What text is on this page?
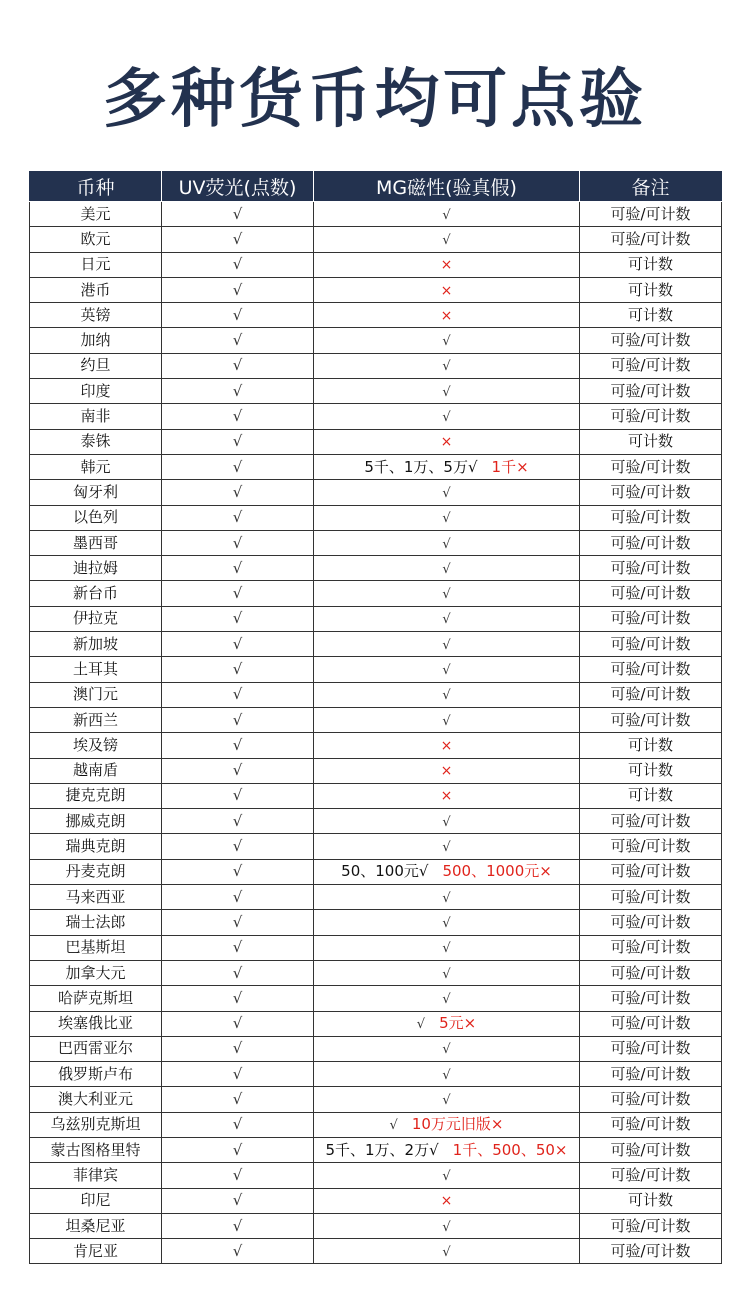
多种货币均可点验
币种	UV荧光(点数)	MG磁性(验真假)	备注
美元	√	√	可验/可计数
欧元	√	√	可验/可计数
日元	√	×	可计数
港币	√	×	可计数
英镑	√	×	可计数
加纳	√	√	可验/可计数
约旦	√	√	可验/可计数
印度	√	√	可验/可计数
南非	√	√	可验/可计数
泰铢	√	×	可计数
韩元	√	5千、1万、5万√ 1千×	可验/可计数
匈牙利	√	√	可验/可计数
以色列	√	√	可验/可计数
墨西哥	√	√	可验/可计数
迪拉姆	√	√	可验/可计数
新台币	√	√	可验/可计数
伊拉克	√	√	可验/可计数
新加坡	√	√	可验/可计数
土耳其	√	√	可验/可计数
澳门元	√	√	可验/可计数
新西兰	√	√	可验/可计数
埃及镑	√	×	可计数
越南盾	√	×	可计数
捷克克朗	√	×	可计数
挪威克朗	√	√	可验/可计数
瑞典克朗	√	√	可验/可计数
丹麦克朗	√	50、100元√ 500、1000元×	可验/可计数
马来西亚	√	√	可验/可计数
瑞士法郎	√	√	可验/可计数
巴基斯坦	√	√	可验/可计数
加拿大元	√	√	可验/可计数
哈萨克斯坦	√	√	可验/可计数
埃塞俄比亚	√	√ 5元×	可验/可计数
巴西雷亚尔	√	√	可验/可计数
俄罗斯卢布	√	√	可验/可计数
澳大利亚元	√	√	可验/可计数
乌兹别克斯坦	√	√ 10万元旧版×	可验/可计数
蒙古图格里特	√	5千、1万、2万√ 1千、500、50×	可验/可计数
菲律宾	√	√	可验/可计数
印尼	√	×	可计数
坦桑尼亚	√	√	可验/可计数
肯尼亚	√	√	可验/可计数
